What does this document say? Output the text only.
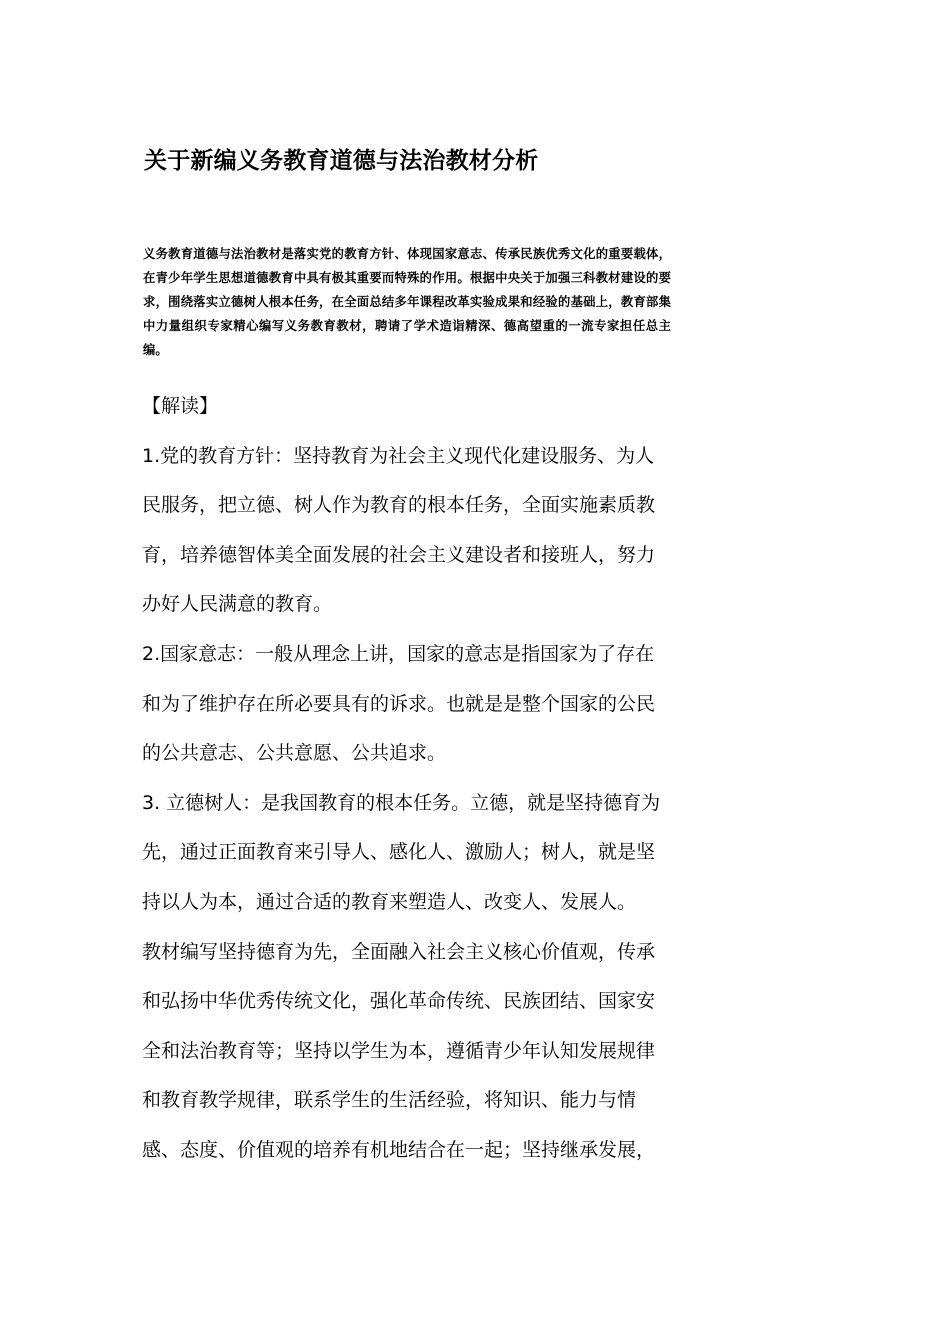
关于新编义务教育道德与法治教材分析

义务教育道德与法治教材是落实党的教育方针、体现国家意志、传承民族优秀文化的重要载体，在青少年学生思想道德教育中具有极其重要而特殊的作用。根据中央关于加强三科教材建设的要求，围绕落实立德树人根本任务，在全面总结多年课程改革实验成果和经验的基础上，教育部集中力量组织专家精心编写义务教育教材，聘请了学术造诣精深、德高望重的一流专家担任总主编。

【解读】

1.党的教育方针：坚持教育为社会主义现代化建设服务、为人民服务，把立德、树人作为教育的根本任务，全面实施素质教育，培养德智体美全面发展的社会主义建设者和接班人，努力办好人民满意的教育。

2.国家意志：一般从理念上讲，国家的意志是指国家为了存在和为了维护存在所必要具有的诉求。也就是是整个国家的公民的公共意志、公共意愿、公共追求。

3. 立德树人：是我国教育的根本任务。立德，就是坚持德育为先，通过正面教育来引导人、感化人、激励人；树人，就是坚持以人为本，通过合适的教育来塑造人、改变人、发展人。

教材编写坚持德育为先，全面融入社会主义核心价值观，传承和弘扬中华优秀传统文化，强化革命传统、民族团结、国家安全和法治教育等；坚持以学生为本，遵循青少年认知发展规律和教育教学规律，联系学生的生活经验，将知识、能力与情感、态度、价值观的培养有机地结合在一起；坚持继承发展，
